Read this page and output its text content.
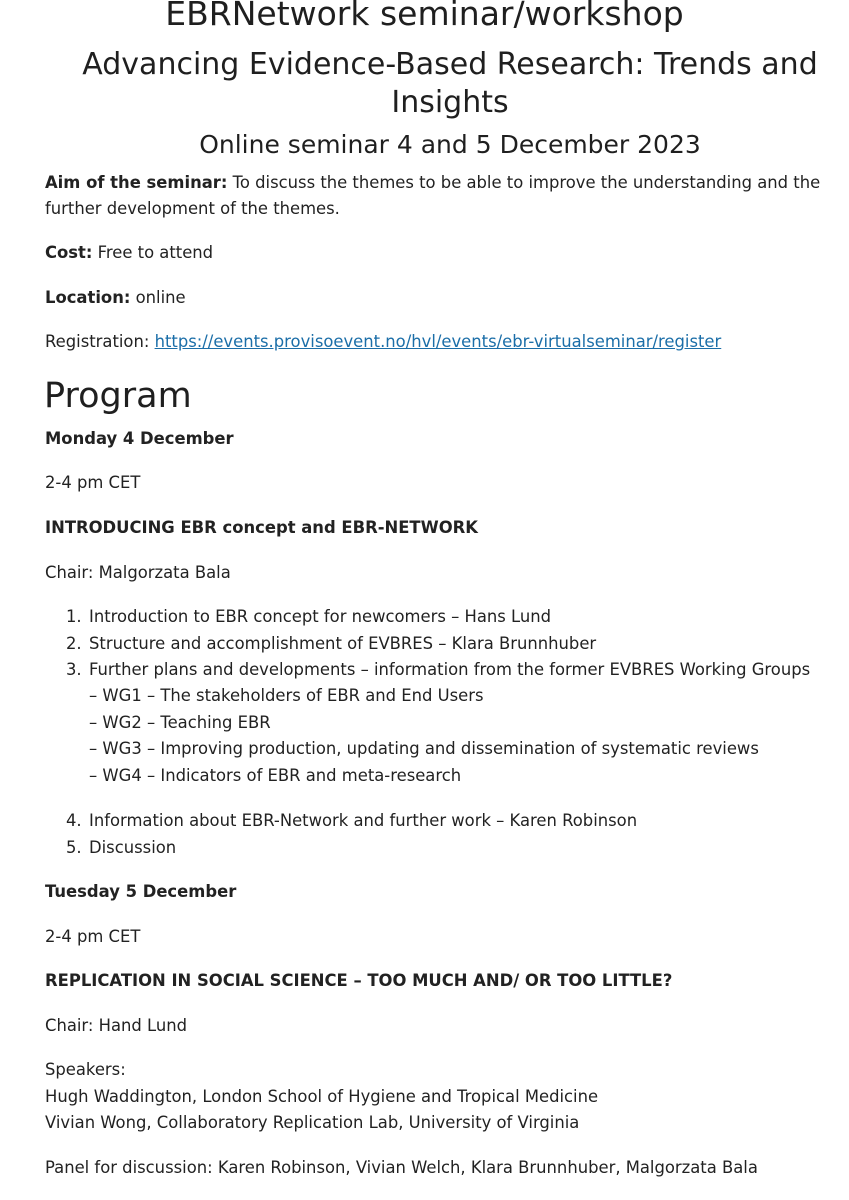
EBRNetwork seminar/workshop
Advancing Evidence-Based Research: Trends and
Insights
Online seminar 4 and 5 December 2023
Aim of the seminar: To discuss the themes to be able to improve the understanding and the
further development of the themes.
Cost: Free to attend
Location: online
Registration: https://events.provisoevent.no/hvl/events/ebr-virtualseminar/register
Program
Monday 4 December
2-4 pm CET
INTRODUCING EBR concept and EBR-NETWORK
Chair: Malgorzata Bala
1. Introduction to EBR concept for newcomers – Hans Lund
2. Structure and accomplishment of EVBRES – Klara Brunnhuber
3. Further plans and developments – information from the former EVBRES Working Groups
– WG1 – The stakeholders of EBR and End Users
– WG2 – Teaching EBR
– WG3 – Improving production, updating and dissemination of systematic reviews
– WG4 – Indicators of EBR and meta-research
4. Information about EBR-Network and further work – Karen Robinson
5. Discussion
Tuesday 5 December
2-4 pm CET
REPLICATION IN SOCIAL SCIENCE – TOO MUCH AND/ OR TOO LITTLE?
Chair: Hand Lund
Speakers:
Hugh Waddington, London School of Hygiene and Tropical Medicine
Vivian Wong, Collaboratory Replication Lab, University of Virginia
Panel for discussion: Karen Robinson, Vivian Welch, Klara Brunnhuber, Malgorzata Bala
